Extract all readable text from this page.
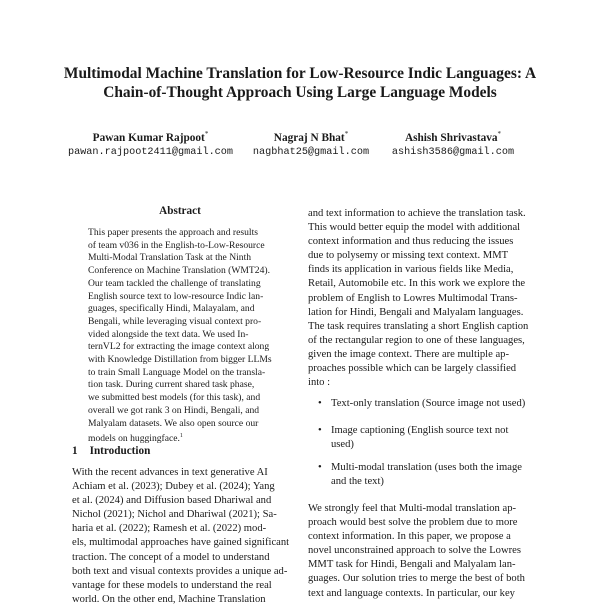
Multimodal Machine Translation for Low-Resource Indic Languages: A
Chain-of-Thought Approach Using Large Language Models
Pawan Kumar Rajpoot*
pawan.rajpoot2411@gmail.com
Nagraj N Bhat*
nagbhat25@gmail.com
Ashish Shrivastava*
ashish3586@gmail.com
Abstract
This paper presents the approach and results
of team v036 in the English-to-Low-Resource
Multi-Modal Translation Task at the Ninth
Conference on Machine Translation (WMT24).
Our team tackled the challenge of translating
English source text to low-resource Indic lan-
guages, specifically Hindi, Malayalam, and
Bengali, while leveraging visual context pro-
vided alongside the text data. We used In-
ternVL2 for extracting the image context along
with Knowledge Distillation from bigger LLMs
to train Small Language Model on the transla-
tion task. During current shared task phase,
we submitted best models (for this task), and
overall we got rank 3 on Hindi, Bengali, and
Malyalam datasets. We also open source our
models on huggingface.$^1$
1 Introduction
With the recent advances in text generative AI
Achiam et al. (2023); Dubey et al. (2024); Yang
et al. (2024) and Diffusion based Dhariwal and
Nichol (2021); Nichol and Dhariwal (2021); Sa-
haria et al. (2022); Ramesh et al. (2022) mod-
els, multimodal approaches have gained significant
traction. The concept of a model to understand
both text and visual contexts provides a unique ad-
vantage for these models to understand the real
world. On the other end, Machine Translation
and text information to achieve the translation task.
This would better equip the model with additional
context information and thus reducing the issues
due to polysemy or missing text context. MMT
finds its application in various fields like Media,
Retail, Automobile etc. In this work we explore the
problem of English to Lowres Multimodal Trans-
lation for Hindi, Bengali and Malyalam languages.
The task requires translating a short English caption
of the rectangular region to one of these languages,
given the image context. There are multiple ap-
proaches possible which can be largely classified
into :
• Text-only translation (Source image not used)
• Image captioning (English source text not
used)
• Multi-modal translation (uses both the image
and the text)
We strongly feel that Multi-modal translation ap-
proach would best solve the problem due to more
context information. In this paper, we propose a
novel unconstrained approach to solve the Lowres
MMT task for Hindi, Bengali and Malyalam lan-
guages. Our solution tries to merge the best of both
text and language contexts. In particular, our key
